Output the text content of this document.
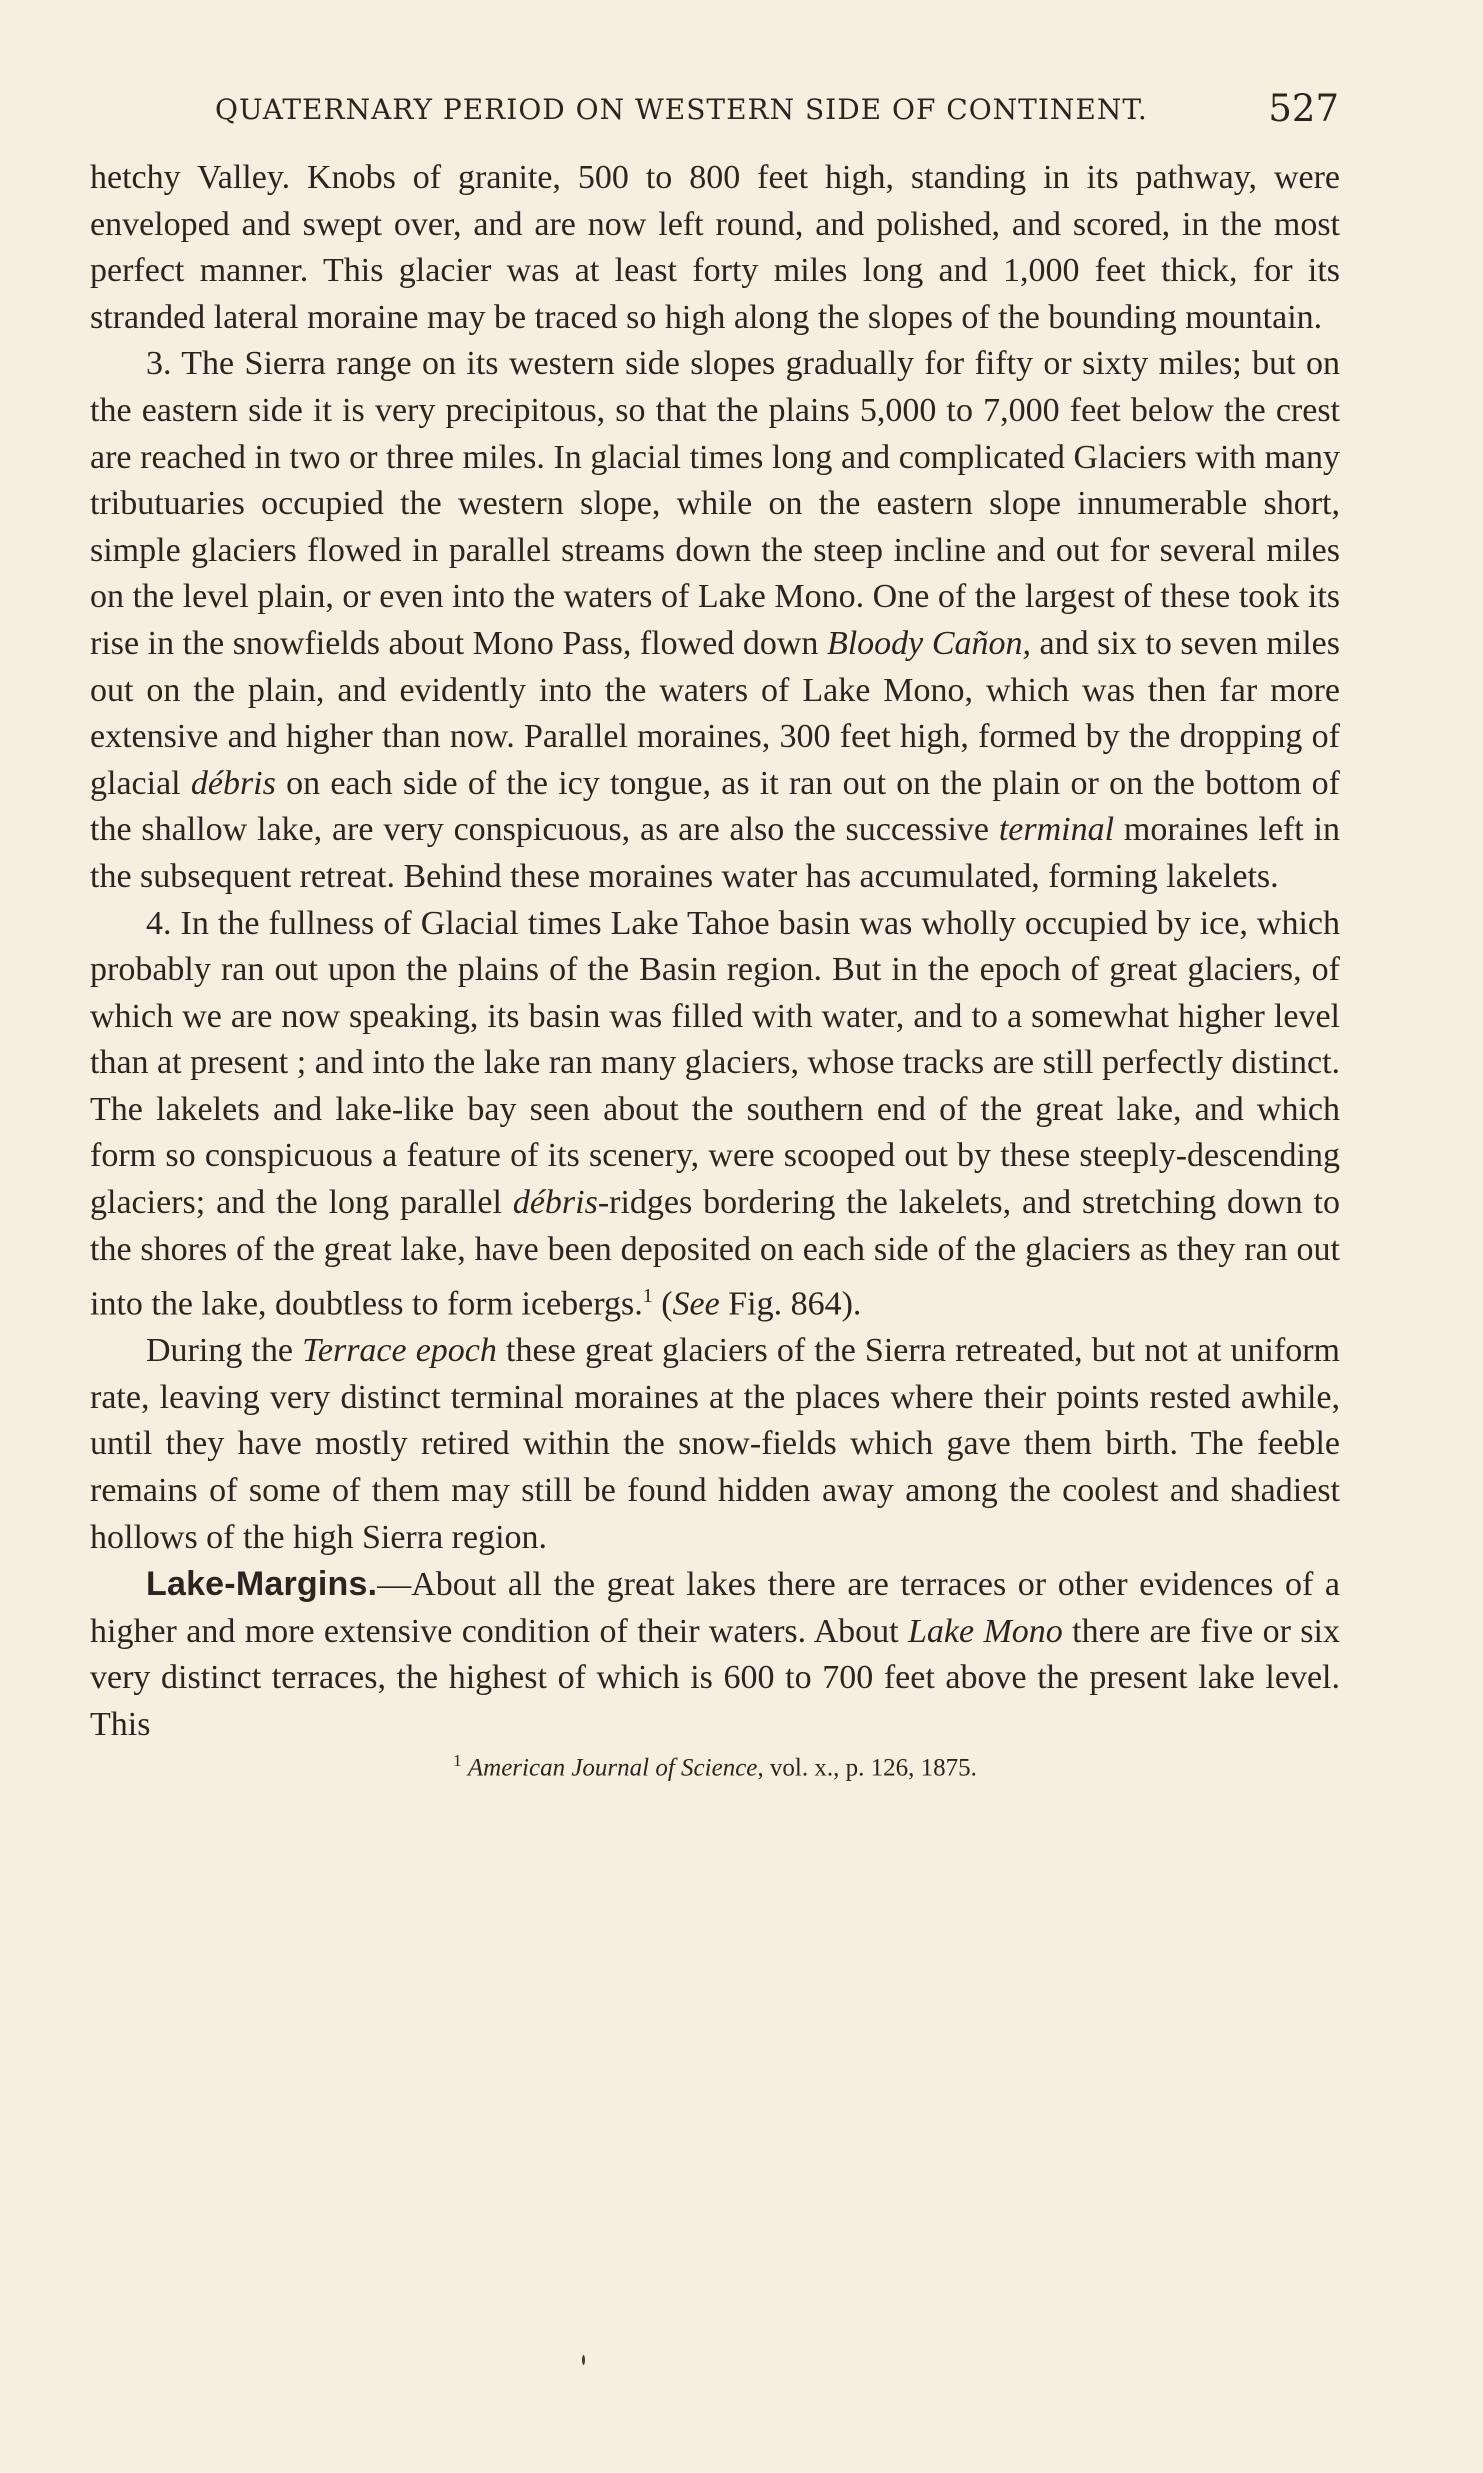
QUATERNARY PERIOD ON WESTERN SIDE OF CONTINENT.	527

hetchy Valley. Knobs of granite, 500 to 800 feet high, standing in its pathway, were enveloped and swept over, and are now left round, and polished, and scored, in the most perfect manner. This glacier was at least forty miles long and 1,000 feet thick, for its stranded lateral moraine may be traced so high along the slopes of the bounding mountain.

3. The Sierra range on its western side slopes gradually for fifty or sixty miles; but on the eastern side it is very precipitous, so that the plains 5,000 to 7,000 feet below the crest are reached in two or three miles. In glacial times long and complicated Glaciers with many tributuaries occupied the western slope, while on the eastern slope innumerable short, simple glaciers flowed in parallel streams down the steep incline and out for several miles on the level plain, or even into the waters of Lake Mono. One of the largest of these took its rise in the snowfields about Mono Pass, flowed down Bloody Cañon, and six to seven miles out on the plain, and evidently into the waters of Lake Mono, which was then far more extensive and higher than now. Parallel moraines, 300 feet high, formed by the dropping of glacial débris on each side of the icy tongue, as it ran out on the plain or on the bottom of the shallow lake, are very conspicuous, as are also the successive terminal moraines left in the subsequent retreat. Behind these moraines water has accumulated, forming lakelets.

4. In the fullness of Glacial times Lake Tahoe basin was wholly occupied by ice, which probably ran out upon the plains of the Basin region. But in the epoch of great glaciers, of which we are now speaking, its basin was filled with water, and to a somewhat higher level than at present ; and into the lake ran many glaciers, whose tracks are still perfectly distinct. The lakelets and lake-like bay seen about the southern end of the great lake, and which form so conspicuous a feature of its scenery, were scooped out by these steeply-descending glaciers; and the long parallel débris-ridges bordering the lakelets, and stretching down to the shores of the great lake, have been deposited on each side of the glaciers as they ran out into the lake, doubtless to form icebergs.$^1$ (See Fig. 864).

During the Terrace epoch these great glaciers of the Sierra retreated, but not at uniform rate, leaving very distinct terminal moraines at the places where their points rested awhile, until they have mostly retired within the snow-fields which gave them birth. The feeble remains of some of them may still be found hidden away among the coolest and shadiest hollows of the high Sierra region.

Lake-Margins.—About all the great lakes there are terraces or other evidences of a higher and more extensive condition of their waters. About Lake Mono there are five or six very distinct terraces, the highest of which is 600 to 700 feet above the present lake level. This

$^1$ American Journal of Science, vol. x., p. 126, 1875.
